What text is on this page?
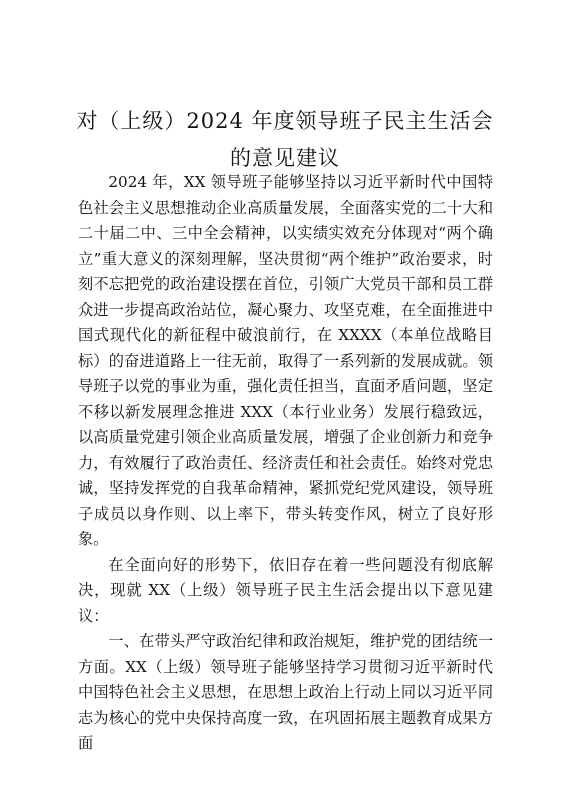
对（上级）2024 年度领导班子民主生活会的意见建议

2024 年，XX 领导班子能够坚持以习近平新时代中国特色社会主义思想推动企业高质量发展，全面落实党的二十大和二十届二中、三中全会精神，以实绩实效充分体现对“两个确立”重大意义的深刻理解，坚决贯彻“两个维护”政治要求，时刻不忘把党的政治建设摆在首位，引领广大党员干部和员工群众进一步提高政治站位，凝心聚力、攻坚克难，在全面推进中国式现代化的新征程中破浪前行，在 XXXX（本单位战略目标）的奋进道路上一往无前，取得了一系列新的发展成就。领导班子以党的事业为重，强化责任担当，直面矛盾问题，坚定不移以新发展理念推进 XXX（本行业业务）发展行稳致远，以高质量党建引领企业高质量发展，增强了企业创新力和竞争力，有效履行了政治责任、经济责任和社会责任。始终对党忠诚，坚持发挥党的自我革命精神，紧抓党纪党风建设，领导班子成员以身作则、以上率下，带头转变作风，树立了良好形象。

在全面向好的形势下，依旧存在着一些问题没有彻底解决，现就 XX（上级）领导班子民主生活会提出以下意见建议：

一、在带头严守政治纪律和政治规矩，维护党的团结统一方面。XX（上级）领导班子能够坚持学习贯彻习近平新时代中国特色社会主义思想，在思想上政治上行动上同以习近平同志为核心的党中央保持高度一致，在巩固拓展主题教育成果方面
